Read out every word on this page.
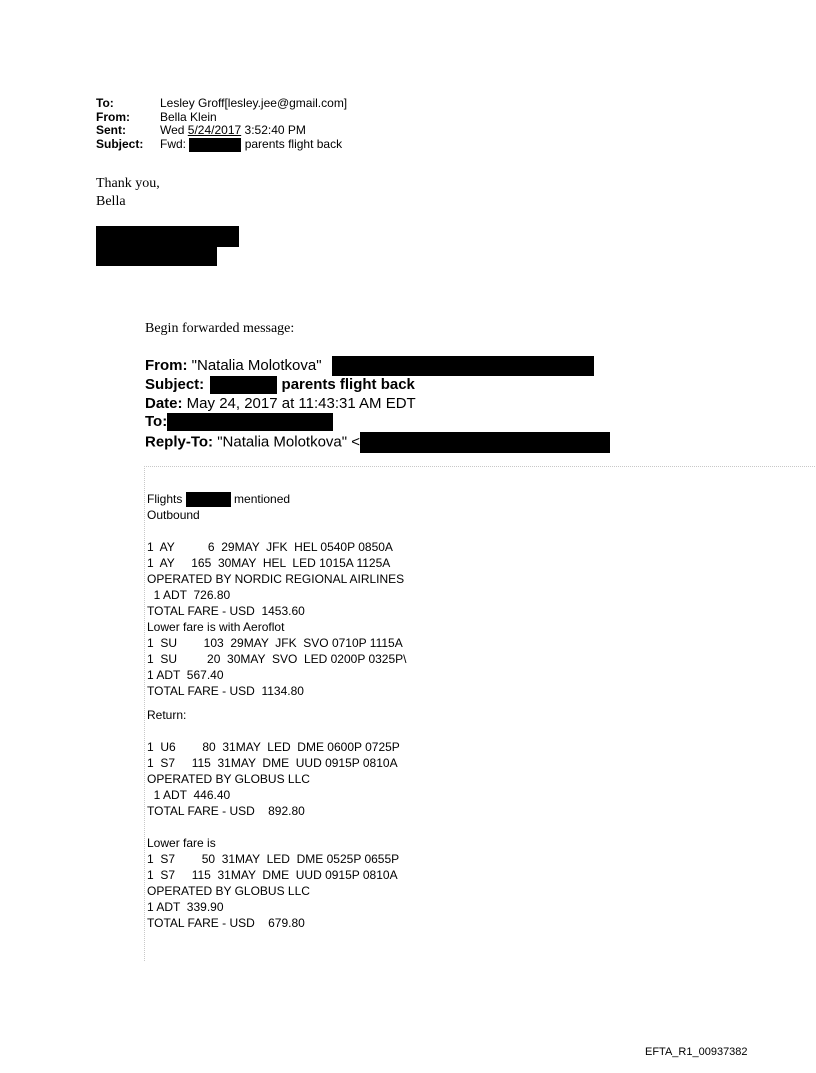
To:	Lesley Groff[lesley.jee@gmail.com]
From:	Bella Klein
Sent:	Wed 5/24/2017 3:52:40 PM
Subject:	Fwd:	parents flight back
Thank you,
Bella
Begin forwarded message:
From: "Natalia Molotkova"
Subject:	parents flight back
Date: May 24, 2017 at 11:43:31 AM EDT
To:
Reply-To: "Natalia Molotkova" <
Flights	mentioned
Outbound
1  AY          6  29MAY  JFK  HEL 0540P 0850A
1  AY     165  30MAY  HEL  LED 1015A 1125A
OPERATED BY NORDIC REGIONAL AIRLINES
1 ADT  726.80
TOTAL FARE - USD  1453.60
Lower fare is with Aeroflot
1  SU        103  29MAY  JFK  SVO 0710P 1115A
1  SU         20  30MAY  SVO  LED 0200P 0325P\
1 ADT  567.40
TOTAL FARE - USD  1134.80
Return:
1  U6        80  31MAY  LED  DME 0600P 0725P
1  S7     115  31MAY  DME  UUD 0915P 0810A
OPERATED BY GLOBUS LLC
1 ADT  446.40
TOTAL FARE - USD    892.80
Lower fare is
1  S7        50  31MAY  LED  DME 0525P 0655P
1  S7     115  31MAY  DME  UUD 0915P 0810A
OPERATED BY GLOBUS LLC
1 ADT  339.90
TOTAL FARE - USD    679.80
EFTA_R1_00937382
